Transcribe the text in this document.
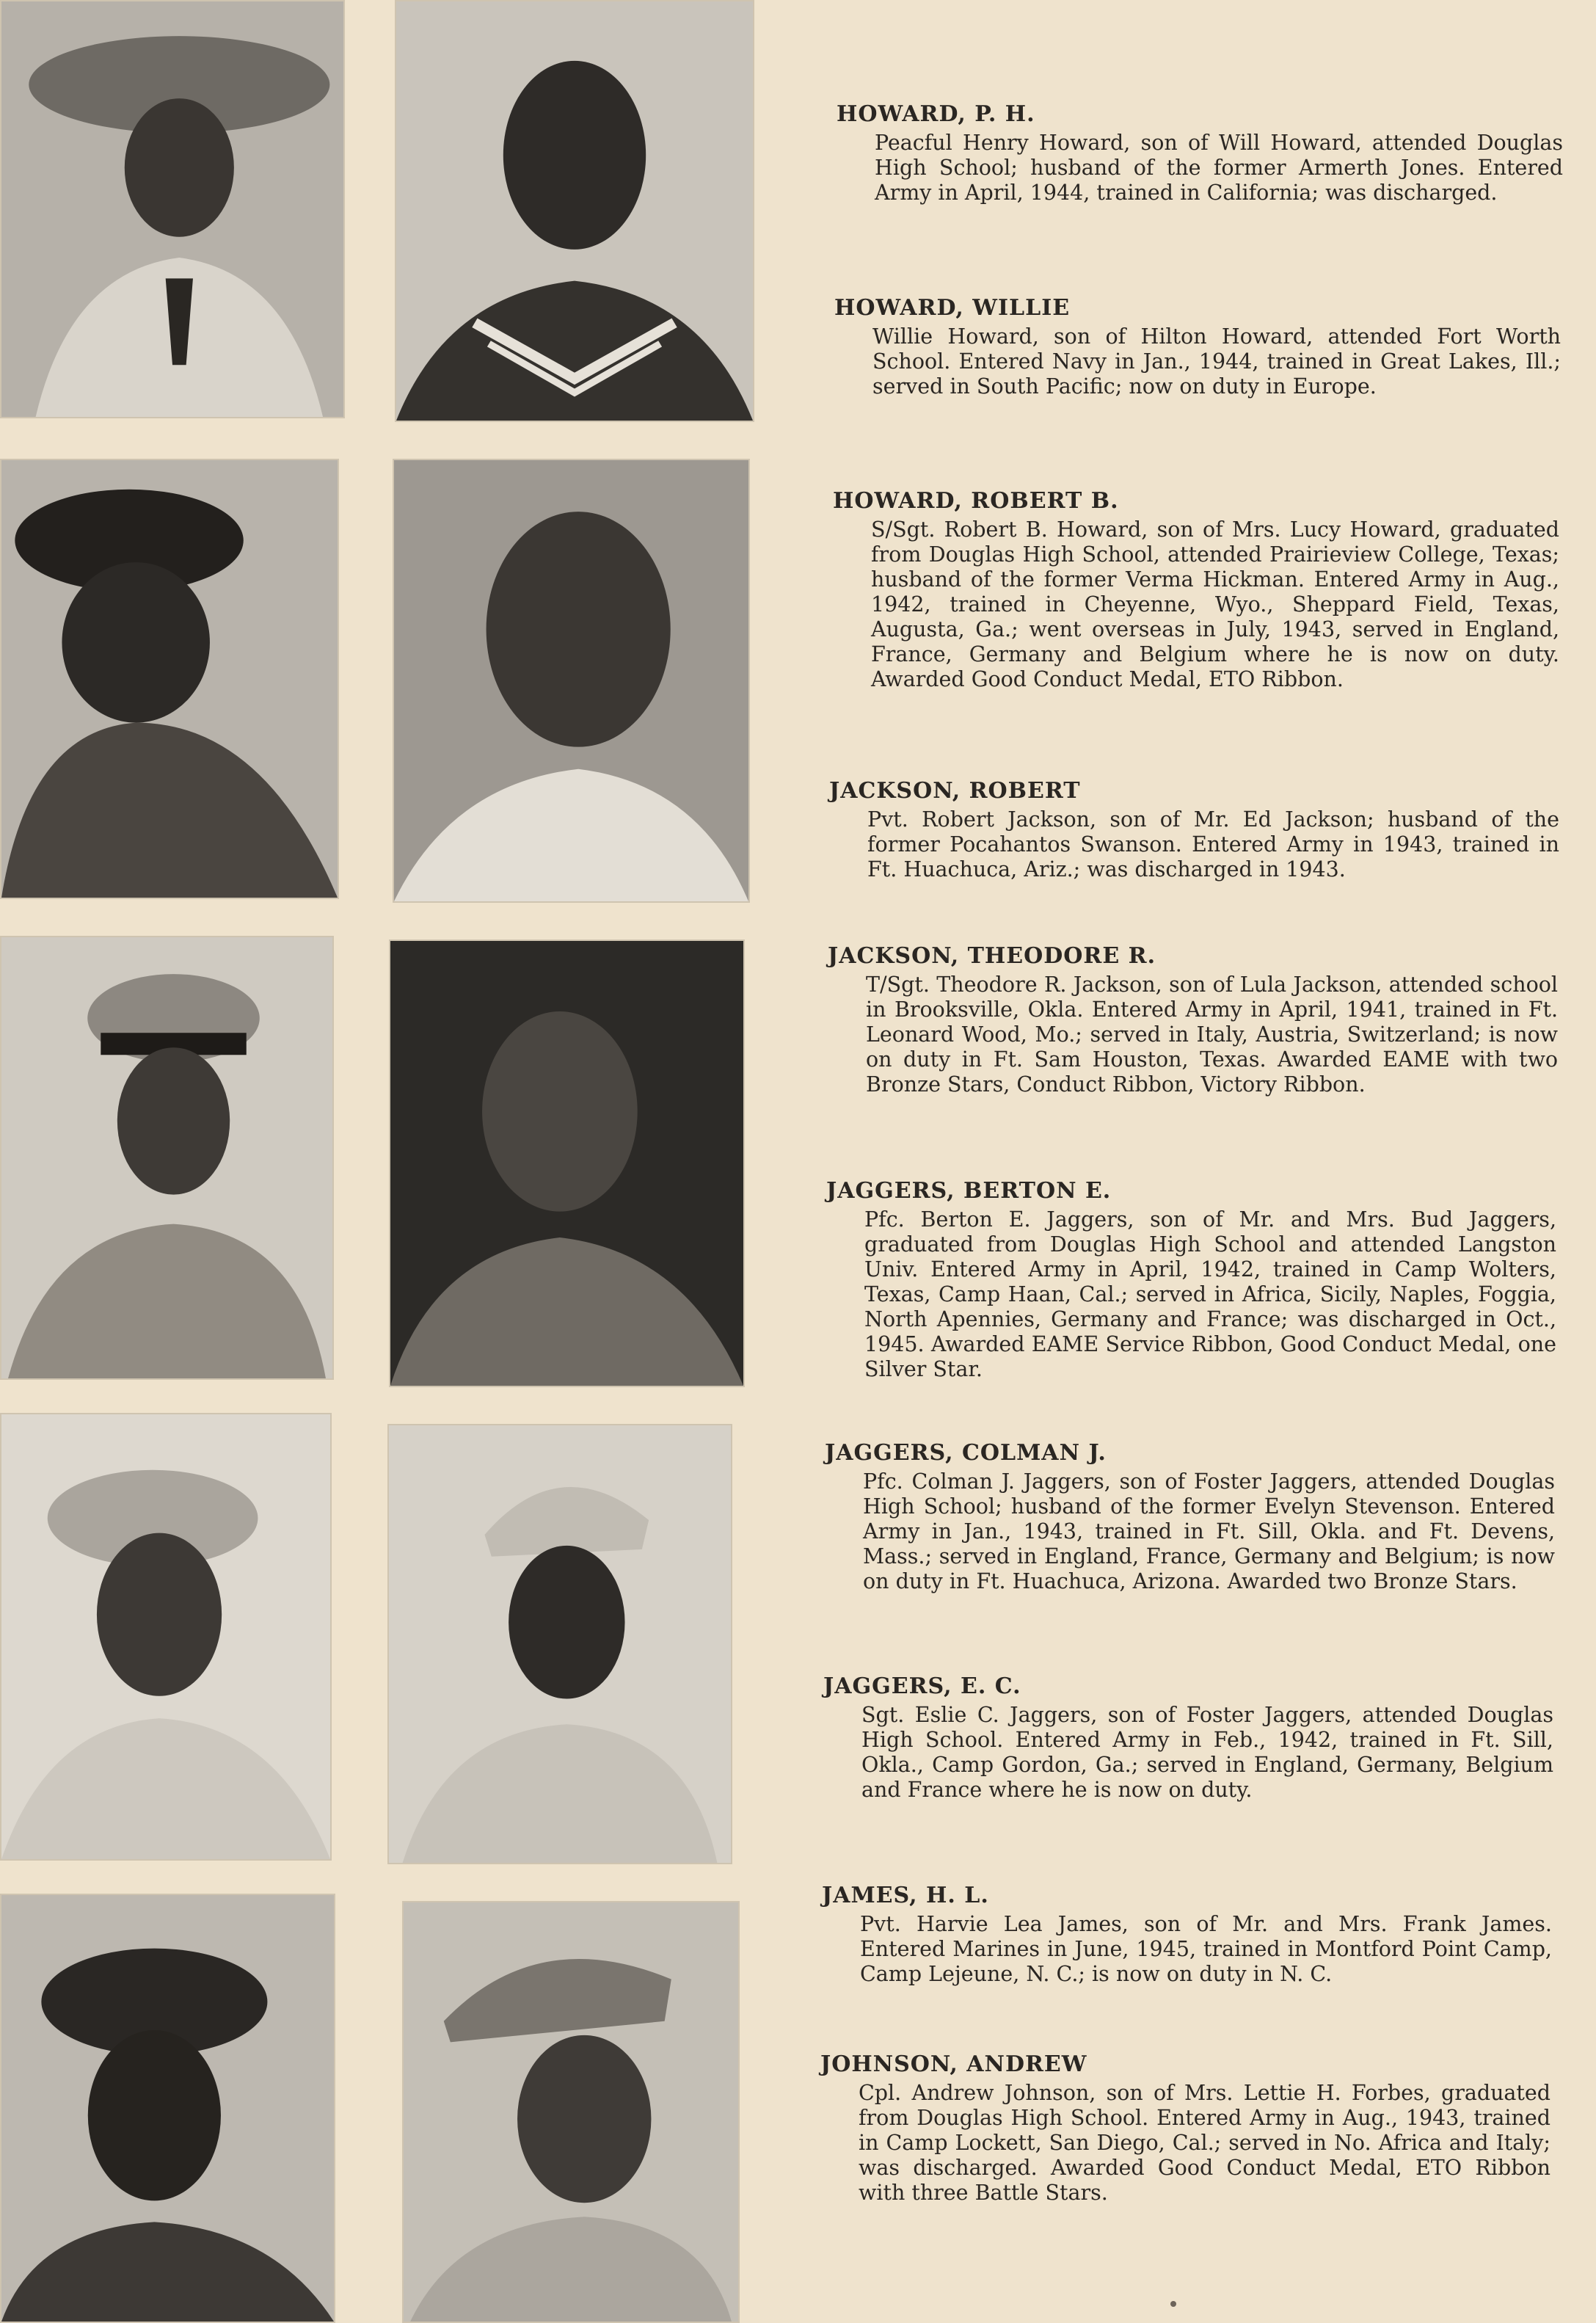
HOWARD, P. H.

Peacful Henry Howard, son of Will Howard, attended Douglas High School; husband of the former Armerth Jones. Entered Army in April, 1944, trained in California; was discharged.

HOWARD, WILLIE

Willie Howard, son of Hilton Howard, attended Fort Worth School. Entered Navy in Jan., 1944, trained in Great Lakes, Ill.; served in South Pacific; now on duty in Europe.

HOWARD, ROBERT B.

S/Sgt. Robert B. Howard, son of Mrs. Lucy Howard, graduated from Douglas High School, attended Prairieview College, Texas; husband of the former Verma Hickman. Entered Army in Aug., 1942, trained in Cheyenne, Wyo., Sheppard Field, Texas, Augusta, Ga.; went overseas in July, 1943, served in England, France, Germany and Belgium where he is now on duty. Awarded Good Conduct Medal, ETO Ribbon.

JACKSON, ROBERT

Pvt. Robert Jackson, son of Mr. Ed Jackson; husband of the former Pocahantos Swanson. Entered Army in 1943, trained in Ft. Huachuca, Ariz.; was discharged in 1943.

JACKSON, THEODORE R.

T/Sgt. Theodore R. Jackson, son of Lula Jackson, attended school in Brooksville, Okla. Entered Army in April, 1941, trained in Ft. Leonard Wood, Mo.; served in Italy, Austria, Switzerland; is now on duty in Ft. Sam Houston, Texas. Awarded EAME with two Bronze Stars, Conduct Ribbon, Victory Ribbon.

JAGGERS, BERTON E.

Pfc. Berton E. Jaggers, son of Mr. and Mrs. Bud Jaggers, graduated from Douglas High School and attended Langston Univ. Entered Army in April, 1942, trained in Camp Wolters, Texas, Camp Haan, Cal.; served in Africa, Sicily, Naples, Foggia, North Apennies, Germany and France; was discharged in Oct., 1945. Awarded EAME Service Ribbon, Good Conduct Medal, one Silver Star.

JAGGERS, COLMAN J.

Pfc. Colman J. Jaggers, son of Foster Jaggers, attended Douglas High School; husband of the former Evelyn Stevenson. Entered Army in Jan., 1943, trained in Ft. Sill, Okla. and Ft. Devens, Mass.; served in England, France, Germany and Belgium; is now on duty in Ft. Huachuca, Arizona. Awarded two Bronze Stars.

JAGGERS, E. C.

Sgt. Eslie C. Jaggers, son of Foster Jaggers, attended Douglas High School. Entered Army in Feb., 1942, trained in Ft. Sill, Okla., Camp Gordon, Ga.; served in England, Germany, Belgium and France where he is now on duty.

JAMES, H. L.

Pvt. Harvie Lea James, son of Mr. and Mrs. Frank James. Entered Marines in June, 1945, trained in Montford Point Camp, Camp Lejeune, N. C.; is now on duty in N. C.

JOHNSON, ANDREW

Cpl. Andrew Johnson, son of Mrs. Lettie H. Forbes, graduated from Douglas High School. Entered Army in Aug., 1943, trained in Camp Lockett, San Diego, Cal.; served in No. Africa and Italy; was discharged. Awarded Good Conduct Medal, ETO Ribbon with three Battle Stars.
